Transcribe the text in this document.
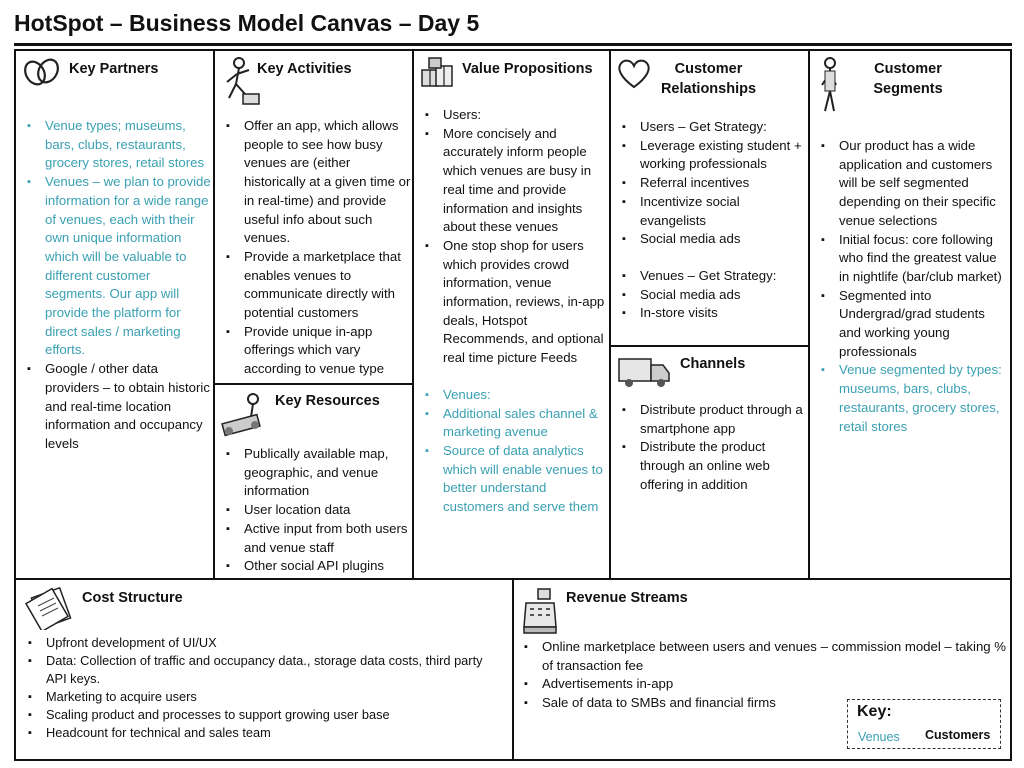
HotSpot – Business Model Canvas – Day 5
Key Partners
▪ Venue types; museums, bars, clubs, restaurants, grocery stores, retail stores
▪ Venues – we plan to provide information for a wide range of venues, each with their own unique information which will be valuable to different customer segments. Our app will provide the platform for direct sales / marketing efforts.
▪ Google / other data providers – to obtain historic and real-time location information and occupancy levels
Key Activities
▪ Offer an app, which allows people to see how busy venues are (either historically at a given time or in real-time) and provide useful info about such venues.
▪ Provide a marketplace that enables venues to communicate directly with potential customers
▪ Provide unique in-app offerings which vary according to venue type
Key Resources
▪ Publically available map, geographic, and venue information
▪ User location data
▪ Active input from both users and venue staff
▪ Other social API plugins
Value Propositions
▪ Users:
▪ More concisely and accurately inform people which venues are busy in real time and provide information and insights about these venues
▪ One stop shop for users which provides crowd information, venue information, reviews, in-app deals, Hotspot Recommends, and optional real time picture Feeds
▪ Venues:
▪ Additional sales channel & marketing avenue
▪ Source of data analytics which will enable venues to better understand customers and serve them
Customer Relationships
▪ Users – Get Strategy:
▪ Leverage existing student + working professionals
▪ Referral incentives
▪ Incentivize social evangelists
▪ Social media ads
▪ Venues – Get Strategy:
▪ Social media ads
▪ In-store visits
Channels
▪ Distribute product through a smartphone app
▪ Distribute the product through an online web offering in addition
Customer Segments
▪ Our product has a wide application and customers will be self segmented depending on their specific venue selections
▪ Initial focus: core following who find the greatest value in nightlife (bar/club market)
▪ Segmented into Undergrad/grad students and working young professionals
▪ Venue segmented by types: museums, bars, clubs, restaurants, grocery stores, retail stores
Cost Structure
▪ Upfront development of UI/UX
▪ Data: Collection of traffic and occupancy data., storage data costs, third party API keys.
▪ Marketing to acquire users
▪ Scaling product and processes to support growing user base
▪ Headcount for technical and sales team
Revenue Streams
▪ Online marketplace between users and venues – commission model – taking % of transaction fee
▪ Advertisements in-app
▪ Sale of data to SMBs and financial firms
Key:
Venues Customers
